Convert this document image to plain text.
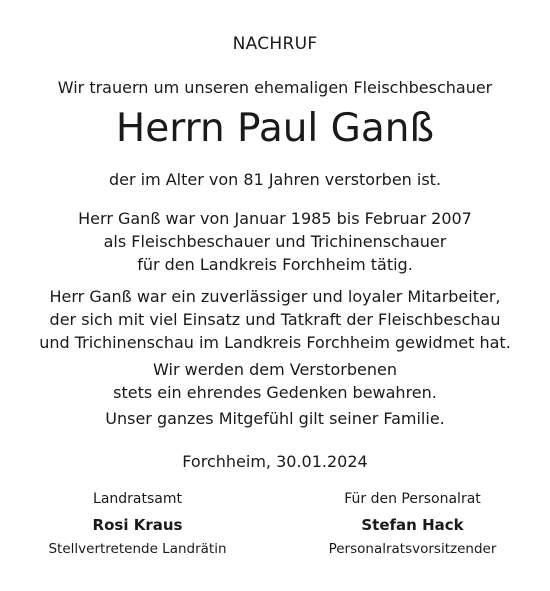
NACHRUF
Wir trauern um unseren ehemaligen Fleischbeschauer
Herrn Paul Ganß
der im Alter von 81 Jahren verstorben ist.

Herr Ganß war von Januar 1985 bis Februar 2007

als Fleischbeschauer und Trichinenschauer

für den Landkreis Forchheim tätig.

Herr Ganß war ein zuverlässiger und loyaler Mitarbeiter,

der sich mit viel Einsatz und Tatkraft der Fleischbeschau

und Trichinenschau im Landkreis Forchheim gewidmet hat.

Wir werden dem Verstorbenen

stets ein ehrendes Gedenken bewahren.

Unser ganzes Mitgefühl gilt seiner Familie.

Forchheim, 30.01.2024
Landratsamt
Rosi Kraus
Stellvertretende Landrätin
Für den Personalrat
Stefan Hack
Personalratsvorsitzender
